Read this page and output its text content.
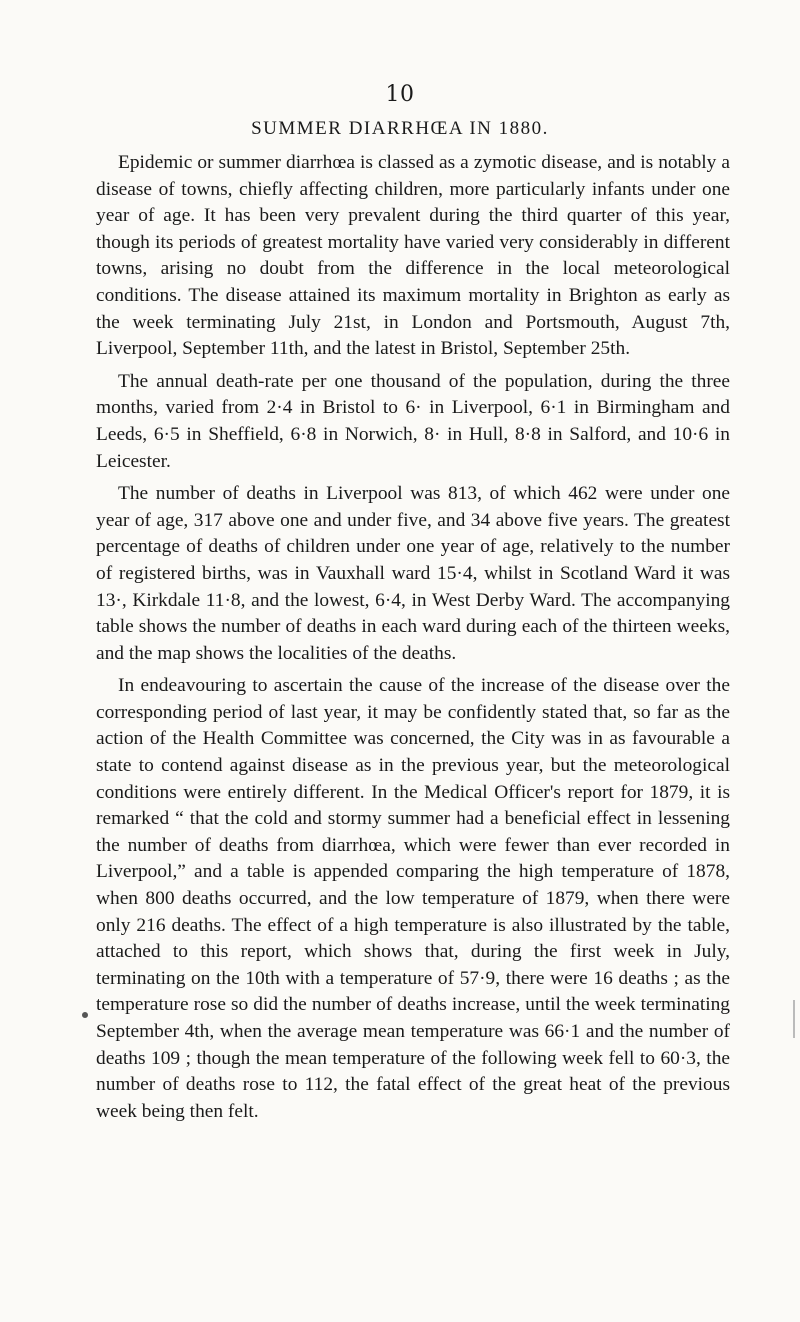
10
SUMMER DIARRHŒA IN 1880.

Epidemic or summer diarrhœa is classed as a zymotic disease, and is notably a disease of towns, chiefly affecting children, more particularly infants under one year of age. It has been very prevalent during the third quarter of this year, though its periods of greatest mortality have varied very considerably in different towns, arising no doubt from the difference in the local meteorological conditions. The disease attained its maximum mortality in Brighton as early as the week terminating July 21st, in London and Portsmouth, August 7th, Liverpool, September 11th, and the latest in Bristol, September 25th.

The annual death-rate per one thousand of the population, during the three months, varied from 2·4 in Bristol to 6· in Liverpool, 6·1 in Birmingham and Leeds, 6·5 in Sheffield, 6·8 in Norwich, 8· in Hull, 8·8 in Salford, and 10·6 in Leicester.

The number of deaths in Liverpool was 813, of which 462 were under one year of age, 317 above one and under five, and 34 above five years. The greatest percentage of deaths of children under one year of age, relatively to the number of registered births, was in Vauxhall ward 15·4, whilst in Scotland Ward it was 13·, Kirkdale 11·8, and the lowest, 6·4, in West Derby Ward. The accompanying table shows the number of deaths in each ward during each of the thirteen weeks, and the map shows the localities of the deaths.

In endeavouring to ascertain the cause of the increase of the disease over the corresponding period of last year, it may be confidently stated that, so far as the action of the Health Committee was concerned, the City was in as favourable a state to contend against disease as in the previous year, but the meteorological conditions were entirely different. In the Medical Officer's report for 1879, it is remarked “ that the cold and stormy summer had a beneficial effect in lessening the number of deaths from diarrhœa, which were fewer than ever recorded in Liverpool,” and a table is appended comparing the high temperature of 1878, when 800 deaths occurred, and the low temperature of 1879, when there were only 216 deaths. The effect of a high temperature is also illustrated by the table, attached to this report, which shows that, during the first week in July, terminating on the 10th with a temperature of 57·9, there were 16 deaths ; as the temperature rose so did the number of deaths increase, until the week terminating September 4th, when the average mean temperature was 66·1 and the number of deaths 109 ; though the mean temperature of the following week fell to 60·3, the number of deaths rose to 112, the fatal effect of the great heat of the previous week being then felt.
